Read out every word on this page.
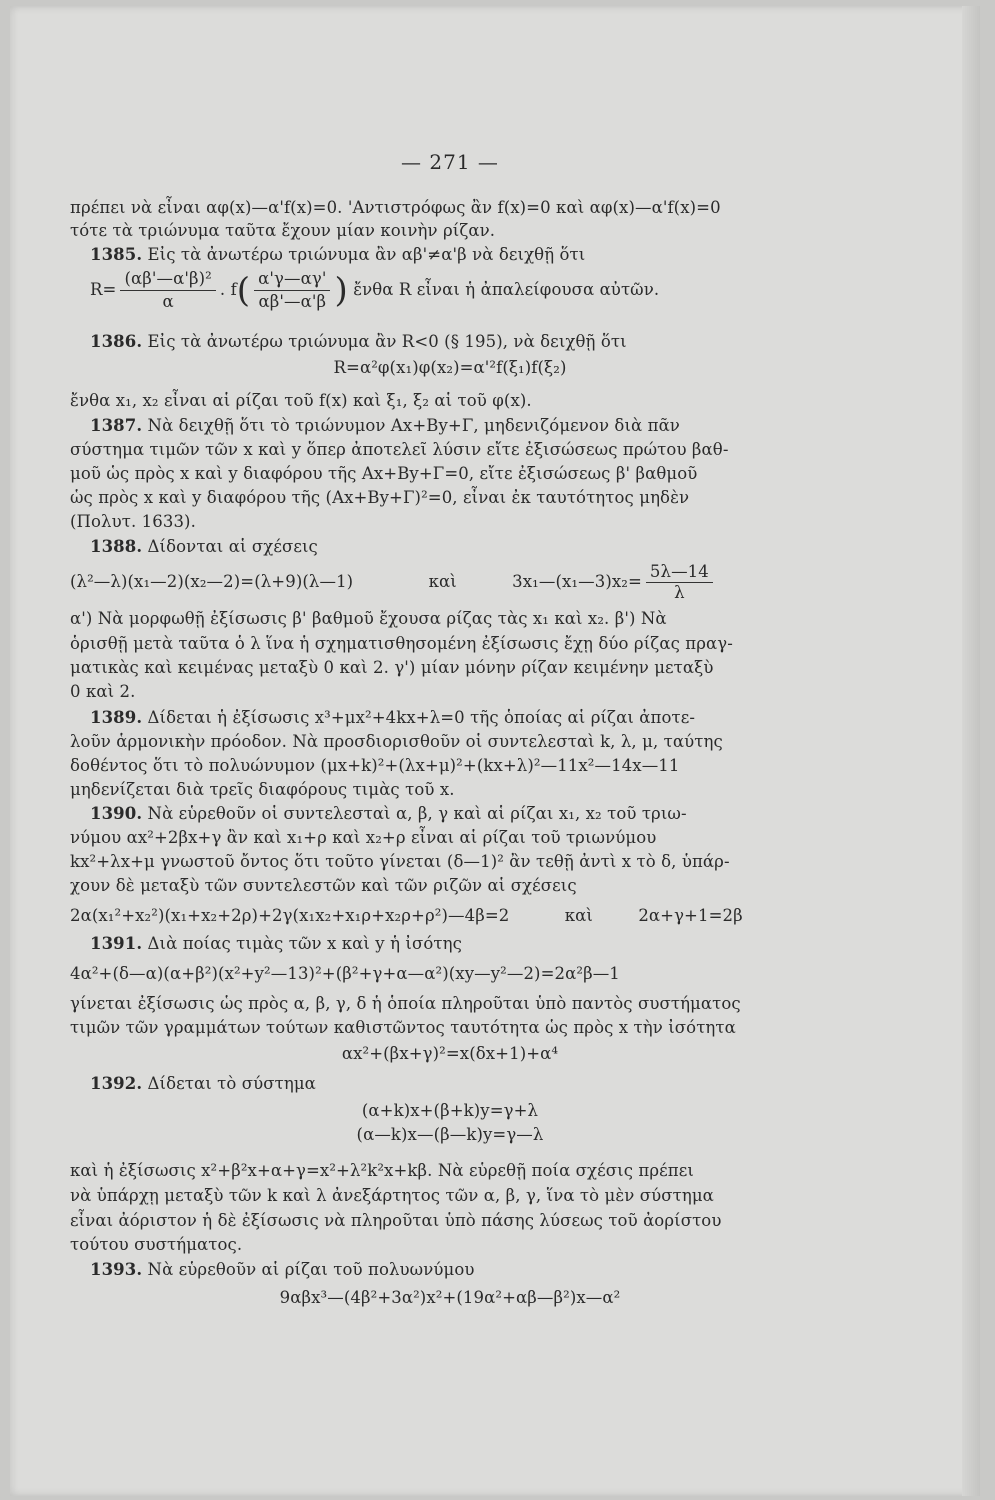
— 271 —
πρέπει νὰ εἶναι αφ(x)—α'f(x)=0. 'Αντιστρόφως ἂν f(x)=0 καὶ αφ(x)—α'f(x)=0
τότε τὰ τριώνυμα ταῦτα ἔχουν μίαν κοινὴν ρίζαν.
1385. Εἰς τὰ ἀνωτέρω τριώνυμα ἂν αβ'≠α'β νὰ δειχθῇ ὅτι
$R= \frac{\text{(αβ'—α'β)²}}{\alpha}$ . $f( \frac{\alpha'\gamma—\alpha\gamma'}{\alpha\beta'—\alpha'\beta}$ ) ἔνθα R εἶναι ἡ ἀπαλείφουσα αὐτῶν.
1386. Εἰς τὰ ἀνωτέρω τριώνυμα ἂν R<0 (§ 195), νὰ δειχθῇ ὅτι
R=α²φ(x₁)φ(x₂)=α'²f(ξ₁)f(ξ₂)
ἔνθα x₁, x₂ εἶναι αἱ ρίζαι τοῦ f(x) καὶ ξ₁, ξ₂ αἱ τοῦ φ(x).
1387. Νὰ δειχθῇ ὅτι τὸ τριώνυμον Ax+By+Γ, μηδενιζόμενον διὰ πᾶν
σύστημα τιμῶν τῶν x καὶ y ὅπερ ἀποτελεῖ λύσιν εἴτε ἐξισώσεως πρώτου βαθ-
μοῦ ὡς πρὸς x καὶ y διαφόρου τῆς Ax+By+Γ=0, εἴτε ἐξισώσεως β' βαθμοῦ
ὡς πρὸς x καὶ y διαφόρου τῆς (Ax+By+Γ)²=0, εἶναι ἐκ ταυτότητος μηδὲν
(Πολυτ. 1633).
1388. Δίδονται αἱ σχέσεις
(λ²—λ)(x₁—2)(x₂—2)=(λ+9)(λ—1)	καὶ	3x₁—(x₁—3)x₂= $\frac{5\lambda—14}{\lambda}$
α') Νὰ μορφωθῇ ἐξίσωσις β' βαθμοῦ ἔχουσα ρίζας τὰς x₁ καὶ x₂. β') Νὰ
ὁρισθῇ μετὰ ταῦτα ὁ λ ἵνα ἡ σχηματισθησομένη ἐξίσωσις ἔχῃ δύο ρίζας πραγ-
ματικὰς καὶ κειμένας μεταξὺ 0 καὶ 2. γ') μίαν μόνην ρίζαν κειμένην μεταξὺ
0 καὶ 2.
1389. Δίδεται ἡ ἐξίσωσις x³+μx²+4kx+λ=0 τῆς ὁποίας αἱ ρίζαι ἀποτε-
λοῦν ἁρμονικὴν πρόοδον. Νὰ προσδιορισθοῦν οἱ συντελεσταὶ k, λ, μ, ταύτης
δοθέντος ὅτι τὸ πολυώνυμον (μx+k)²+(λx+μ)²+(kx+λ)²—11x²—14x—11
μηδενίζεται διὰ τρεῖς διαφόρους τιμὰς τοῦ x.
1390. Νὰ εὑρεθοῦν οἱ συντελεσταὶ α, β, γ καὶ αἱ ρίζαι x₁, x₂ τοῦ τριω-
νύμου αx²+2βx+γ ἂν καὶ x₁+ρ καὶ x₂+ρ εἶναι αἱ ρίζαι τοῦ τριωνύμου
kx²+λx+μ γνωστοῦ ὄντος ὅτι τοῦτο γίνεται (δ—1)² ἂν τεθῇ ἀντὶ x τὸ δ, ὑπάρ-
χουν δὲ μεταξὺ τῶν συντελεστῶν καὶ τῶν ριζῶν αἱ σχέσεις
2α(x₁²+x₂²)(x₁+x₂+2ρ)+2γ(x₁x₂+x₁ρ+x₂ρ+ρ²)—4β=2	καὶ	2α+γ+1=2β
1391. Διὰ ποίας τιμὰς τῶν x καὶ y ἡ ἰσότης
4α²+(δ—α)(α+β²)(x²+y²—13)²+(β²+γ+α—α²)(xy—y²—2)=2α²β—1
γίνεται ἐξίσωσις ὡς πρὸς α, β, γ, δ ἡ ὁποία πληροῦται ὑπὸ παντὸς συστήματος
τιμῶν τῶν γραμμάτων τούτων καθιστῶντος ταυτότητα ὡς πρὸς x τὴν ἰσότητα
αx²+(βx+γ)²=x(δx+1)+α⁴
1392. Δίδεται τὸ σύστημα
(α+k)x+(β+k)y=γ+λ
(α—k)x—(β—k)y=γ—λ
καὶ ἡ ἐξίσωσις x²+β²x+α+γ=x²+λ²k²x+kβ. Νὰ εὑρεθῇ ποία σχέσις πρέπει
νὰ ὑπάρχῃ μεταξὺ τῶν k καὶ λ ἀνεξάρτητος τῶν α, β, γ, ἵνα τὸ μὲν σύστημα
εἶναι ἀόριστον ἡ δὲ ἐξίσωσις νὰ πληροῦται ὑπὸ πάσης λύσεως τοῦ ἀορίστου
τούτου συστήματος.
1393. Νὰ εὑρεθοῦν αἱ ρίζαι τοῦ πολυωνύμου
9αβx³—(4β²+3α²)x²+(19α²+αβ—β²)x—α²
